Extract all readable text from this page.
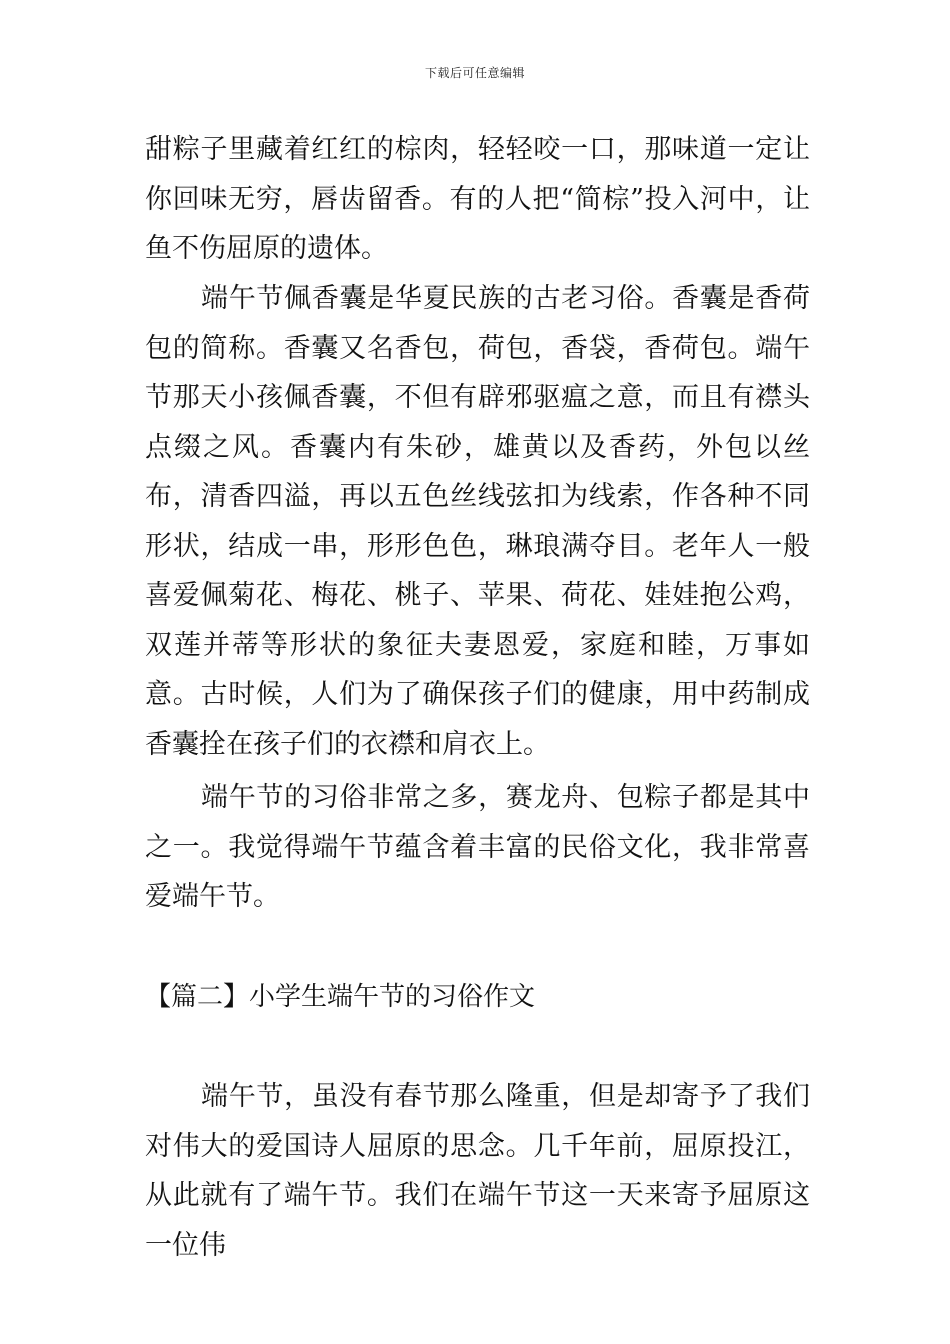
下载后可任意编辑

甜粽子里藏着红红的棕肉，轻轻咬一口，那味道一定让你回味无穷，唇齿留香。有的人把“简棕”投入河中，让鱼不伤屈原的遗体。

端午节佩香囊是华夏民族的古老习俗。香囊是香荷包的简称。香囊又名香包，荷包，香袋，香荷包。端午节那天小孩佩香囊，不但有辟邪驱瘟之意，而且有襟头点缀之风。香囊内有朱砂，雄黄以及香药，外包以丝布，清香四溢，再以五色丝线弦扣为线索，作各种不同形状，结成一串，形形色色，琳琅满夺目。老年人一般喜爱佩菊花、梅花、桃子、苹果、荷花、娃娃抱公鸡，双莲并蒂等形状的象征夫妻恩爱，家庭和睦，万事如意。古时候，人们为了确保孩子们的健康，用中药制成香囊拴在孩子们的衣襟和肩衣上。

端午节的习俗非常之多，赛龙舟、包粽子都是其中之一。我觉得端午节蕴含着丰富的民俗文化，我非常喜爱端午节。

【篇二】小学生端午节的习俗作文

端午节，虽没有春节那么隆重，但是却寄予了我们对伟大的爱国诗人屈原的思念。几千年前，屈原投江，从此就有了端午节。我们在端午节这一天来寄予屈原这一位伟
